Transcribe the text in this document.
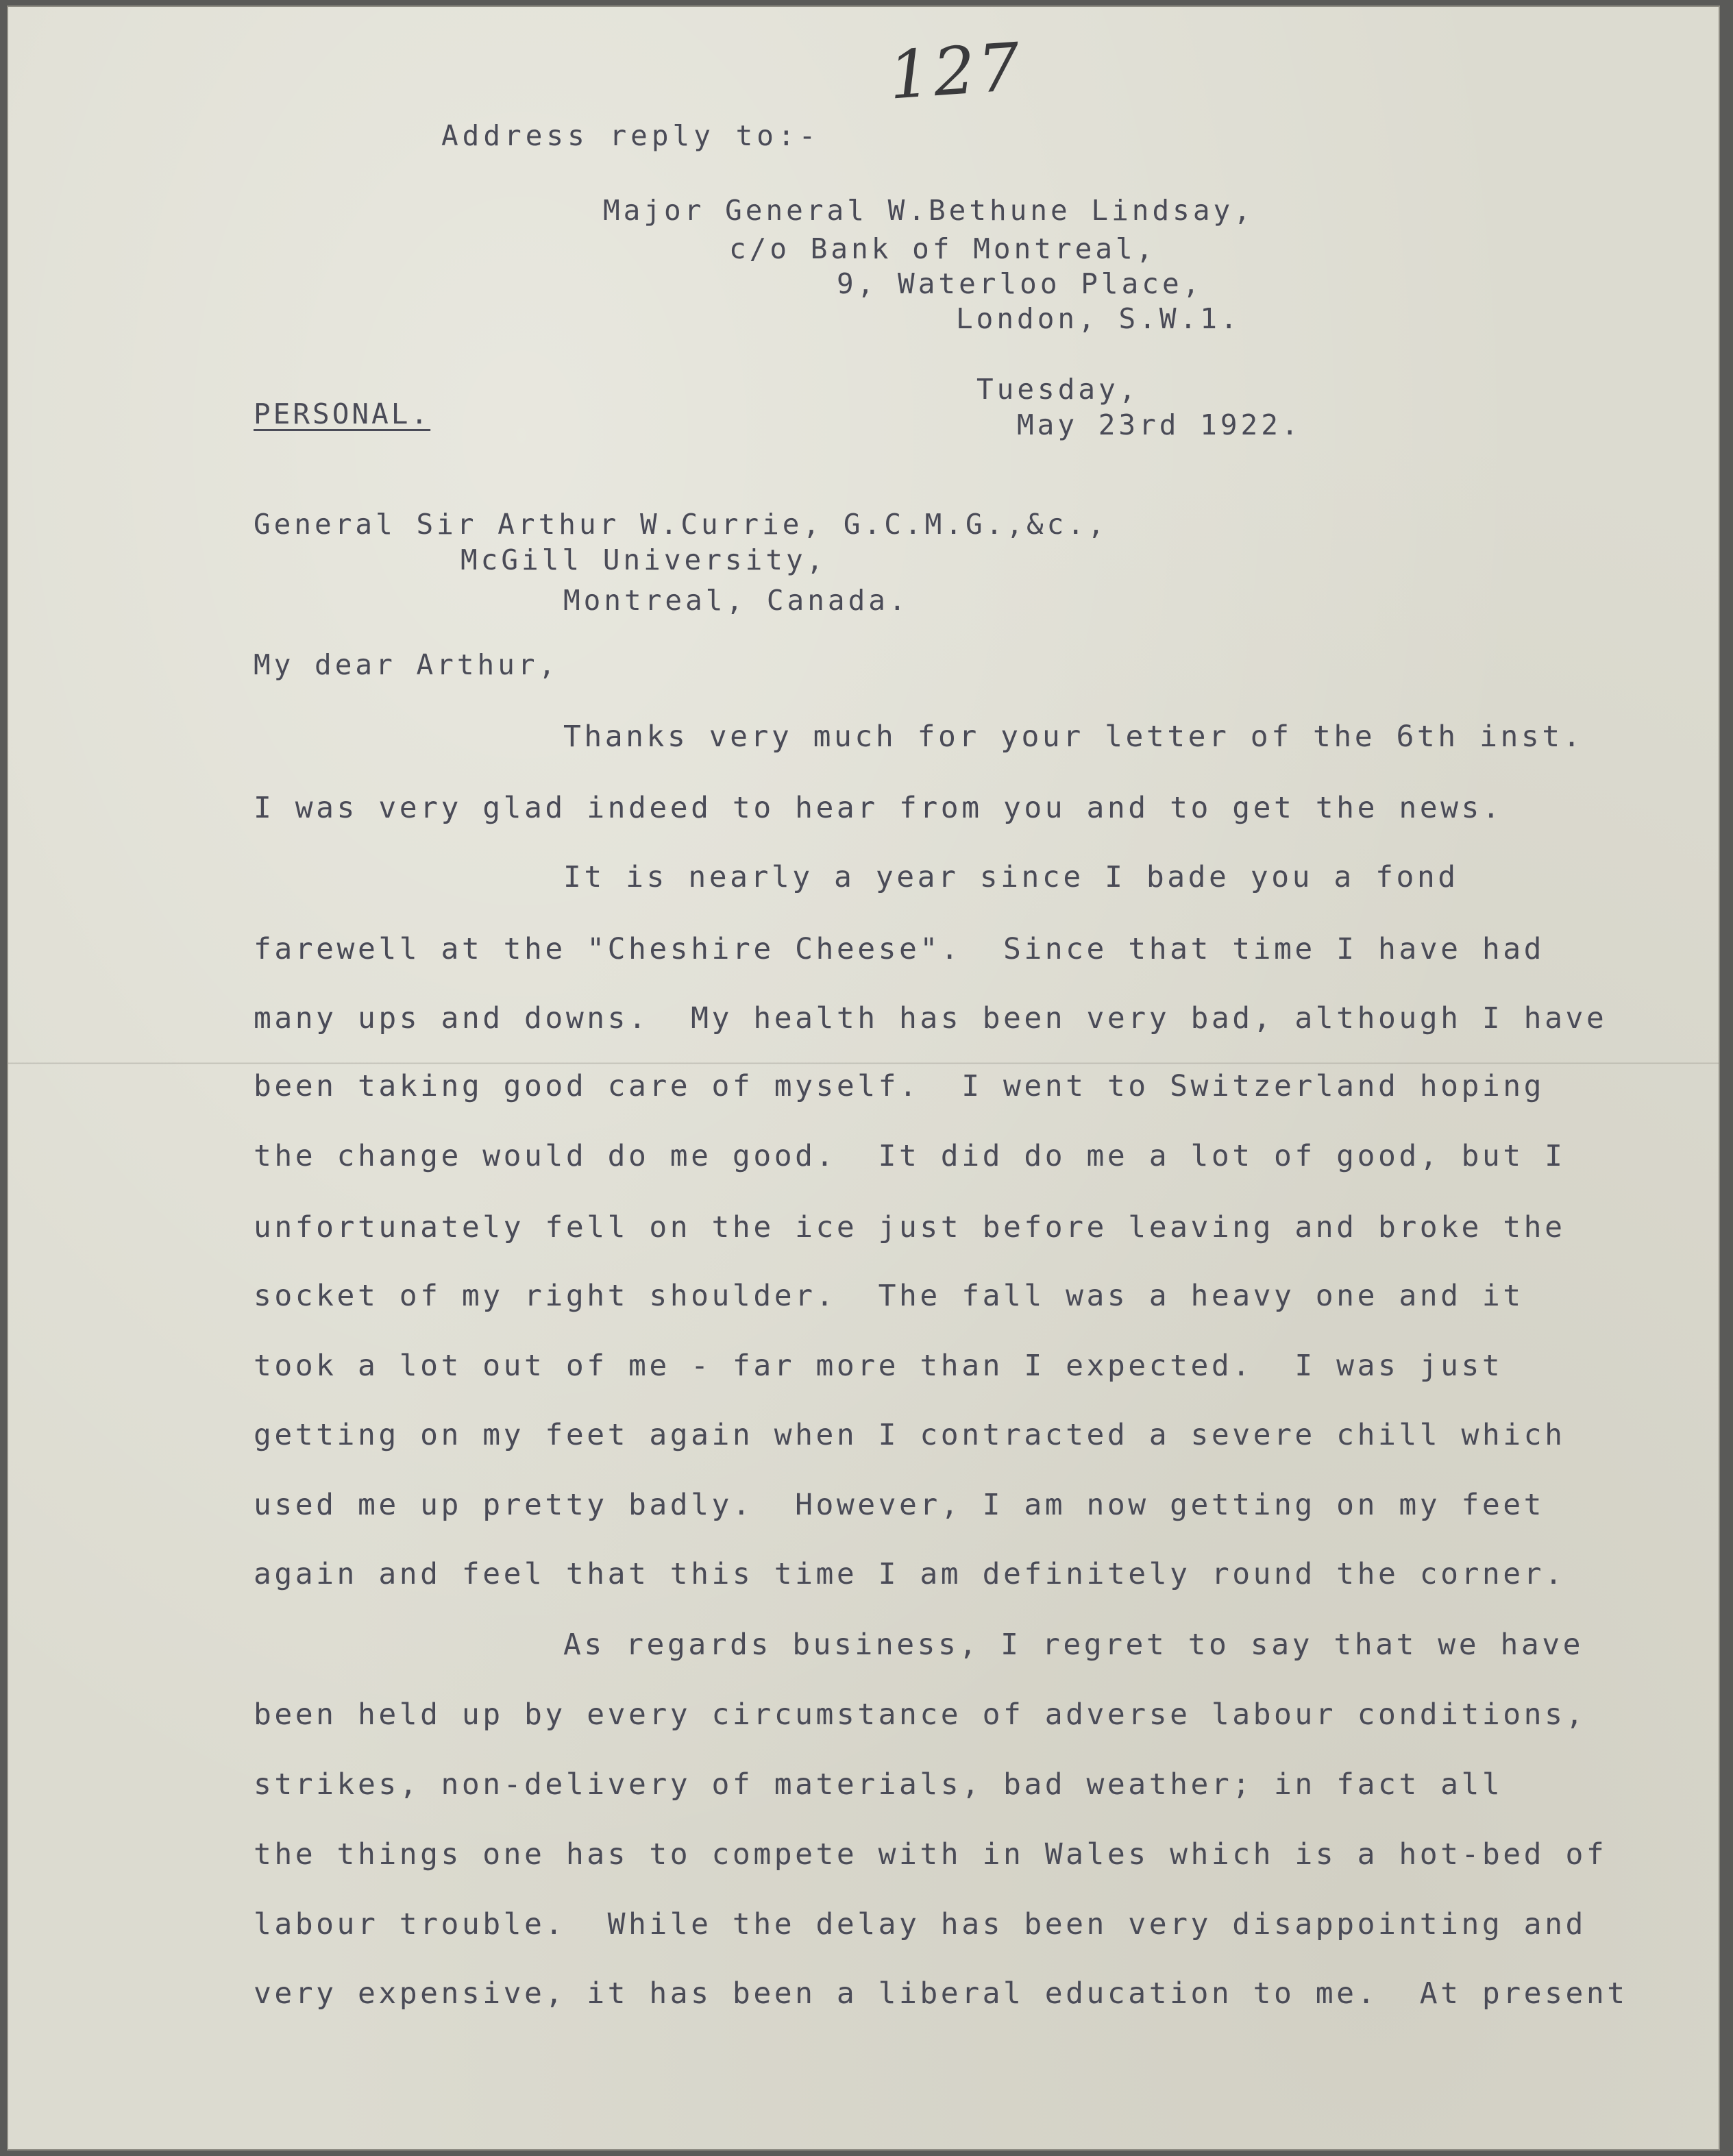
127
Address reply to:-
Major General W.Bethune Lindsay,
c/o Bank of Montreal,
9, Waterloo Place,
London, S.W.1.
PERSONAL.
Tuesday,
May 23rd 1922.
General Sir Arthur W.Currie, G.C.M.G.,&c.,
McGill University,
Montreal, Canada.
My dear Arthur,
Thanks very much for your letter of the 6th inst.
I was very glad indeed to hear from you and to get the news.
It is nearly a year since I bade you a fond
farewell at the "Cheshire Cheese".  Since that time I have had
many ups and downs.  My health has been very bad, although I have
been taking good care of myself.  I went to Switzerland hoping
the change would do me good.  It did do me a lot of good, but I
unfortunately fell on the ice just before leaving and broke the
socket of my right shoulder.  The fall was a heavy one and it
took a lot out of me - far more than I expected.  I was just
getting on my feet again when I contracted a severe chill which
used me up pretty badly.  However, I am now getting on my feet
again and feel that this time I am definitely round the corner.
As regards business, I regret to say that we have
been held up by every circumstance of adverse labour conditions,
strikes, non-delivery of materials, bad weather; in fact all
the things one has to compete with in Wales which is a hot-bed of
labour trouble.  While the delay has been very disappointing and
very expensive, it has been a liberal education to me.  At present
